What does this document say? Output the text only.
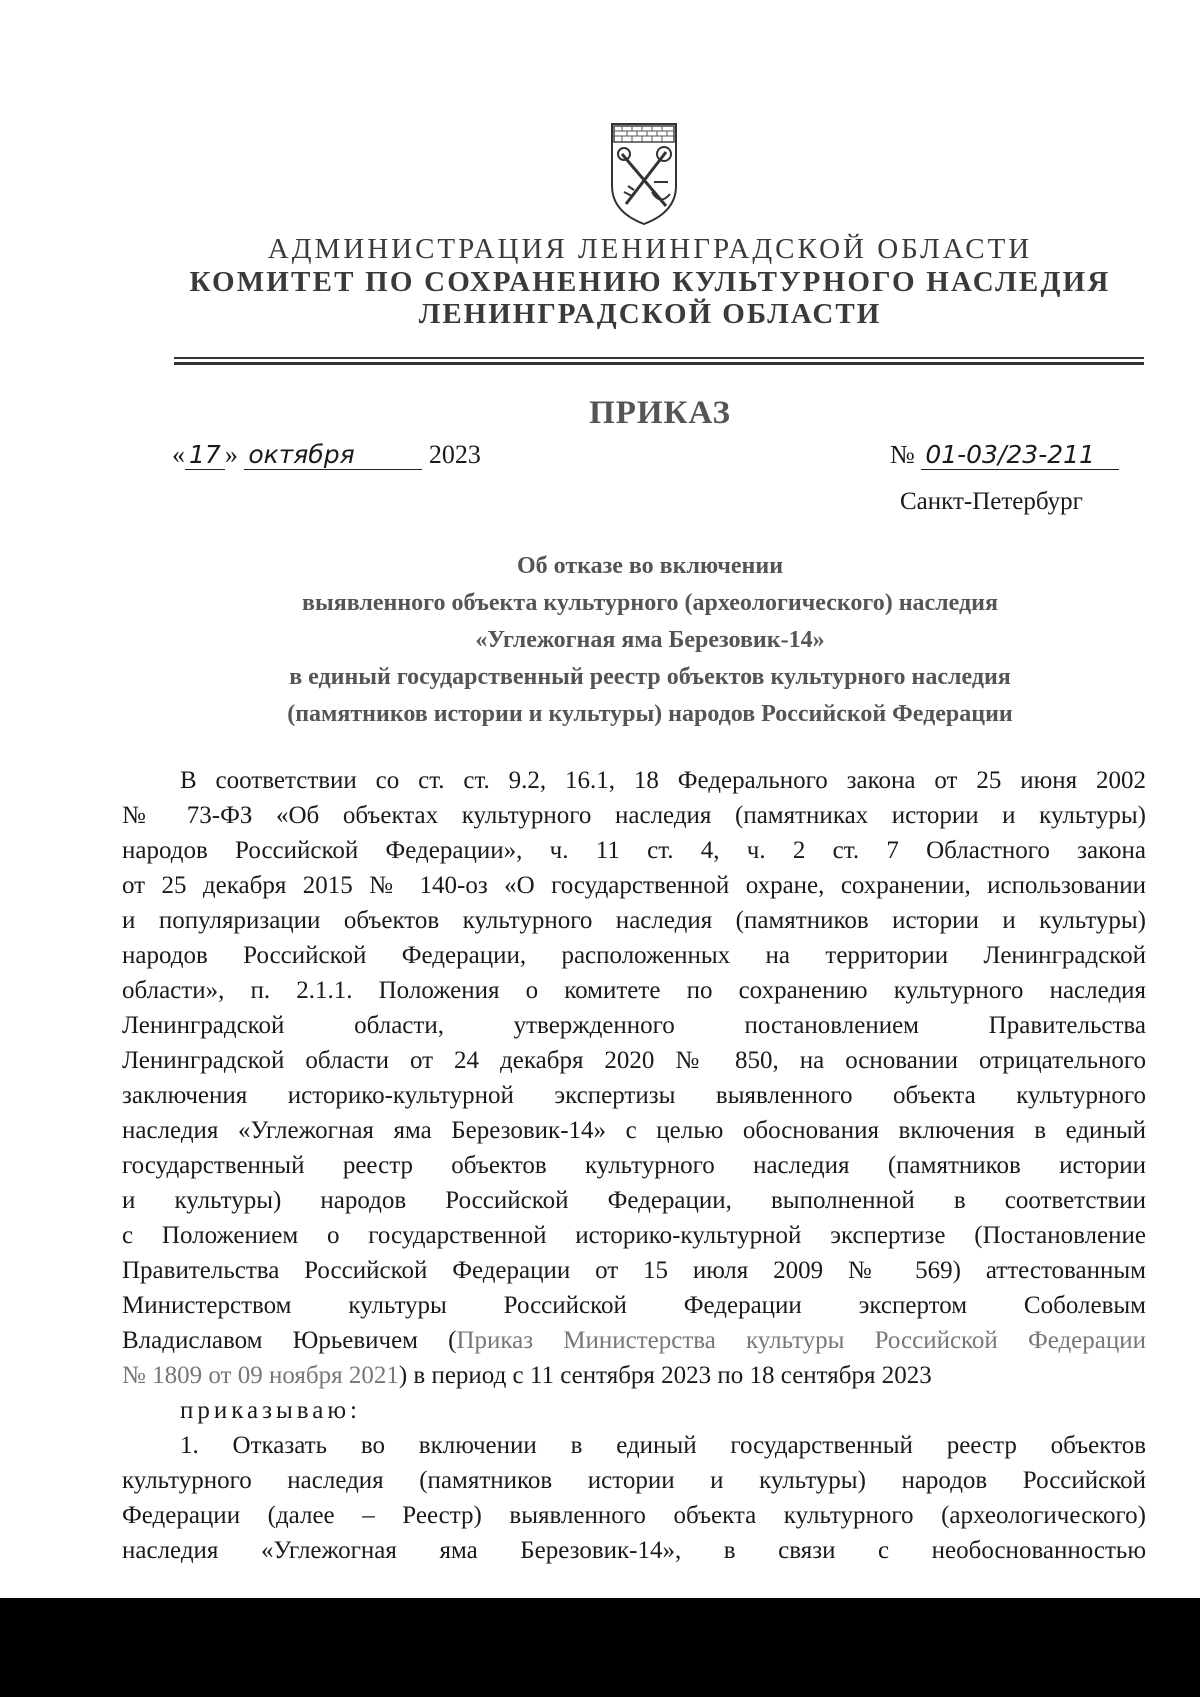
АДМИНИСТРАЦИЯ ЛЕНИНГРАДСКОЙ ОБЛАСТИ
КОМИТЕТ ПО СОХРАНЕНИЮ КУЛЬТУРНОГО НАСЛЕДИЯ
ЛЕНИНГРАДСКОЙ ОБЛАСТИ
ПРИКАЗ
« 17 » октября	2023	№ 01-03/23-211
Санкт-Петербург
Об отказе во включении
выявленного объекта культурного (археологического) наследия
«Углежогная яма Березовик-14»
в единый государственный реестр объектов культурного наследия
(памятников истории и культуры) народов Российской Федерации
В соответствии со ст. ст. 9.2, 16.1, 18 Федерального закона от 25 июня 2002
№ 73-ФЗ «Об объектах культурного наследия (памятниках истории и культуры)
народов Российской Федерации», ч. 11 ст. 4, ч. 2 ст. 7 Областного закона
от 25 декабря 2015 № 140-оз «О государственной охране, сохранении, использовании
и популяризации объектов культурного наследия (памятников истории и культуры)
народов Российской Федерации, расположенных на территории Ленинградской
области», п. 2.1.1. Положения о комитете по сохранению культурного наследия
Ленинградской области, утвержденного постановлением Правительства
Ленинградской области от 24 декабря 2020 № 850, на основании отрицательного
заключения историко-культурной экспертизы выявленного объекта культурного
наследия «Углежогная яма Березовик-14» с целью обоснования включения в единый
государственный реестр объектов культурного наследия (памятников истории
и культуры) народов Российской Федерации, выполненной в соответствии
с Положением о государственной историко-культурной экспертизе (Постановление
Правительства Российской Федерации от 15 июля 2009 № 569) аттестованным
Министерством культуры Российской Федерации экспертом Соболевым
Владиславом Юрьевичем (Приказ Министерства культуры Российской Федерации
№ 1809 от 09 ноября 2021) в период с 11 сентября 2023 по 18 сентября 2023
приказываю:
1. Отказать во включении в единый государственный реестр объектов
культурного наследия (памятников истории и культуры) народов Российской
Федерации (далее – Реестр) выявленного объекта культурного (археологического)
наследия «Углежогная яма Березовик-14», в связи с необоснованностью
